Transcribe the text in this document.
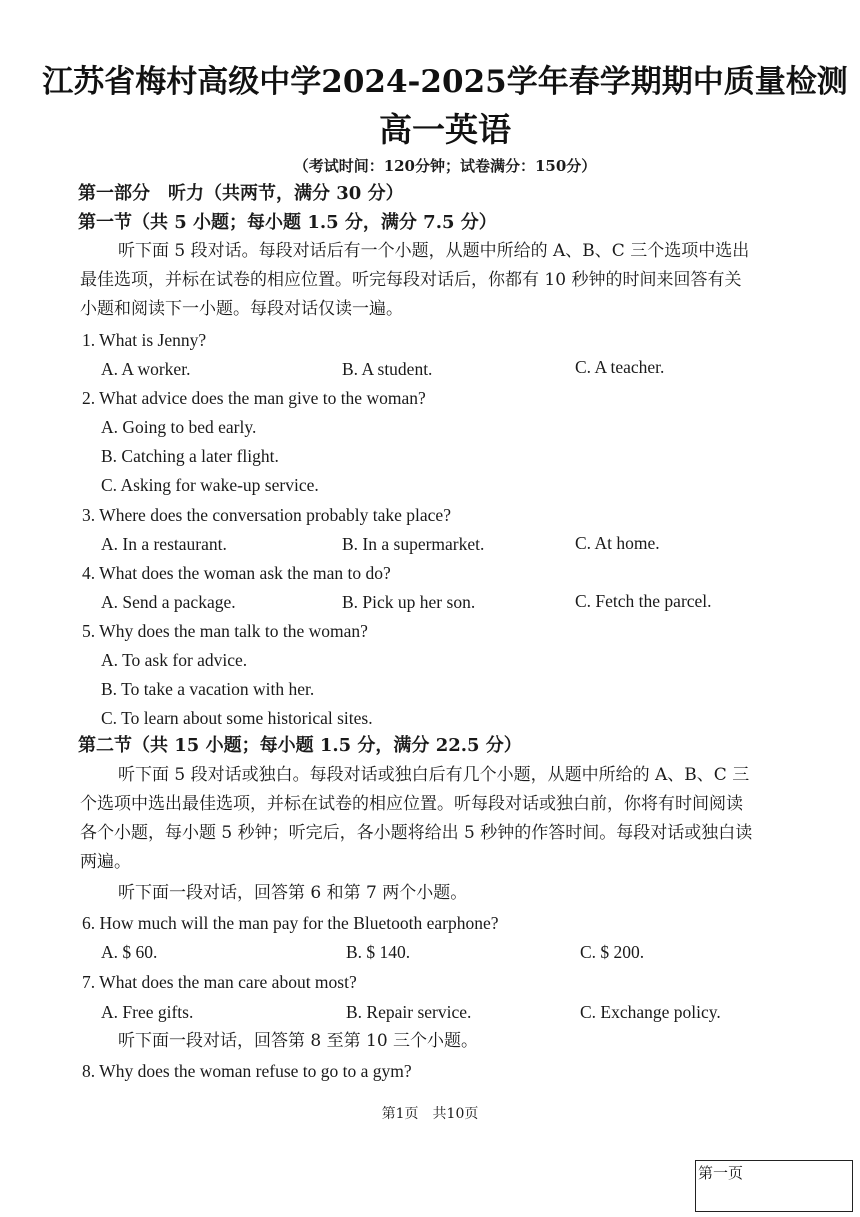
江苏省梅村高级中学2024-2025学年春学期期中质量检测
高一英语
（考试时间：120分钟；试卷满分：150分）
第一部分　听力（共两节，满分 30 分）
第一节（共 5 小题；每小题 1.5 分，满分 7.5 分）
听下面 5 段对话。每段对话后有一个小题，从题中所给的 A、B、C 三个选项中选出
最佳选项，并标在试卷的相应位置。听完每段对话后，你都有 10 秒钟的时间来回答有关
小题和阅读下一小题。每段对话仅读一遍。
1. What is Jenny?
A. A worker.	B. A student.	C. A teacher.
2. What advice does the man give to the woman?
A. Going to bed early.
B. Catching a later flight.
C. Asking for wake-up service.
3. Where does the conversation probably take place?
A. In a restaurant.	B. In a supermarket.	C. At home.
4. What does the woman ask the man to do?
A. Send a package.	B. Pick up her son.	C. Fetch the parcel.
5. Why does the man talk to the woman?
A. To ask for advice.
B. To take a vacation with her.
C. To learn about some historical sites.
第二节（共 15 小题；每小题 1.5 分，满分 22.5 分）
听下面 5 段对话或独白。每段对话或独白后有几个小题，从题中所给的 A、B、C 三
个选项中选出最佳选项，并标在试卷的相应位置。听每段对话或独白前，你将有时间阅读
各个小题，每小题 5 秒钟；听完后，各小题将给出 5 秒钟的作答时间。每段对话或独白读
两遍。
听下面一段对话，回答第 6 和第 7 两个小题。
6. How much will the man pay for the Bluetooth earphone?
A. $ 60.	B. $ 140.	C. $ 200.
7. What does the man care about most?
A. Free gifts.	B. Repair service.	C. Exchange policy.
听下面一段对话，回答第 8 至第 10 三个小题。
8. Why does the woman refuse to go to a gym?
第1页　共10页
第一页
